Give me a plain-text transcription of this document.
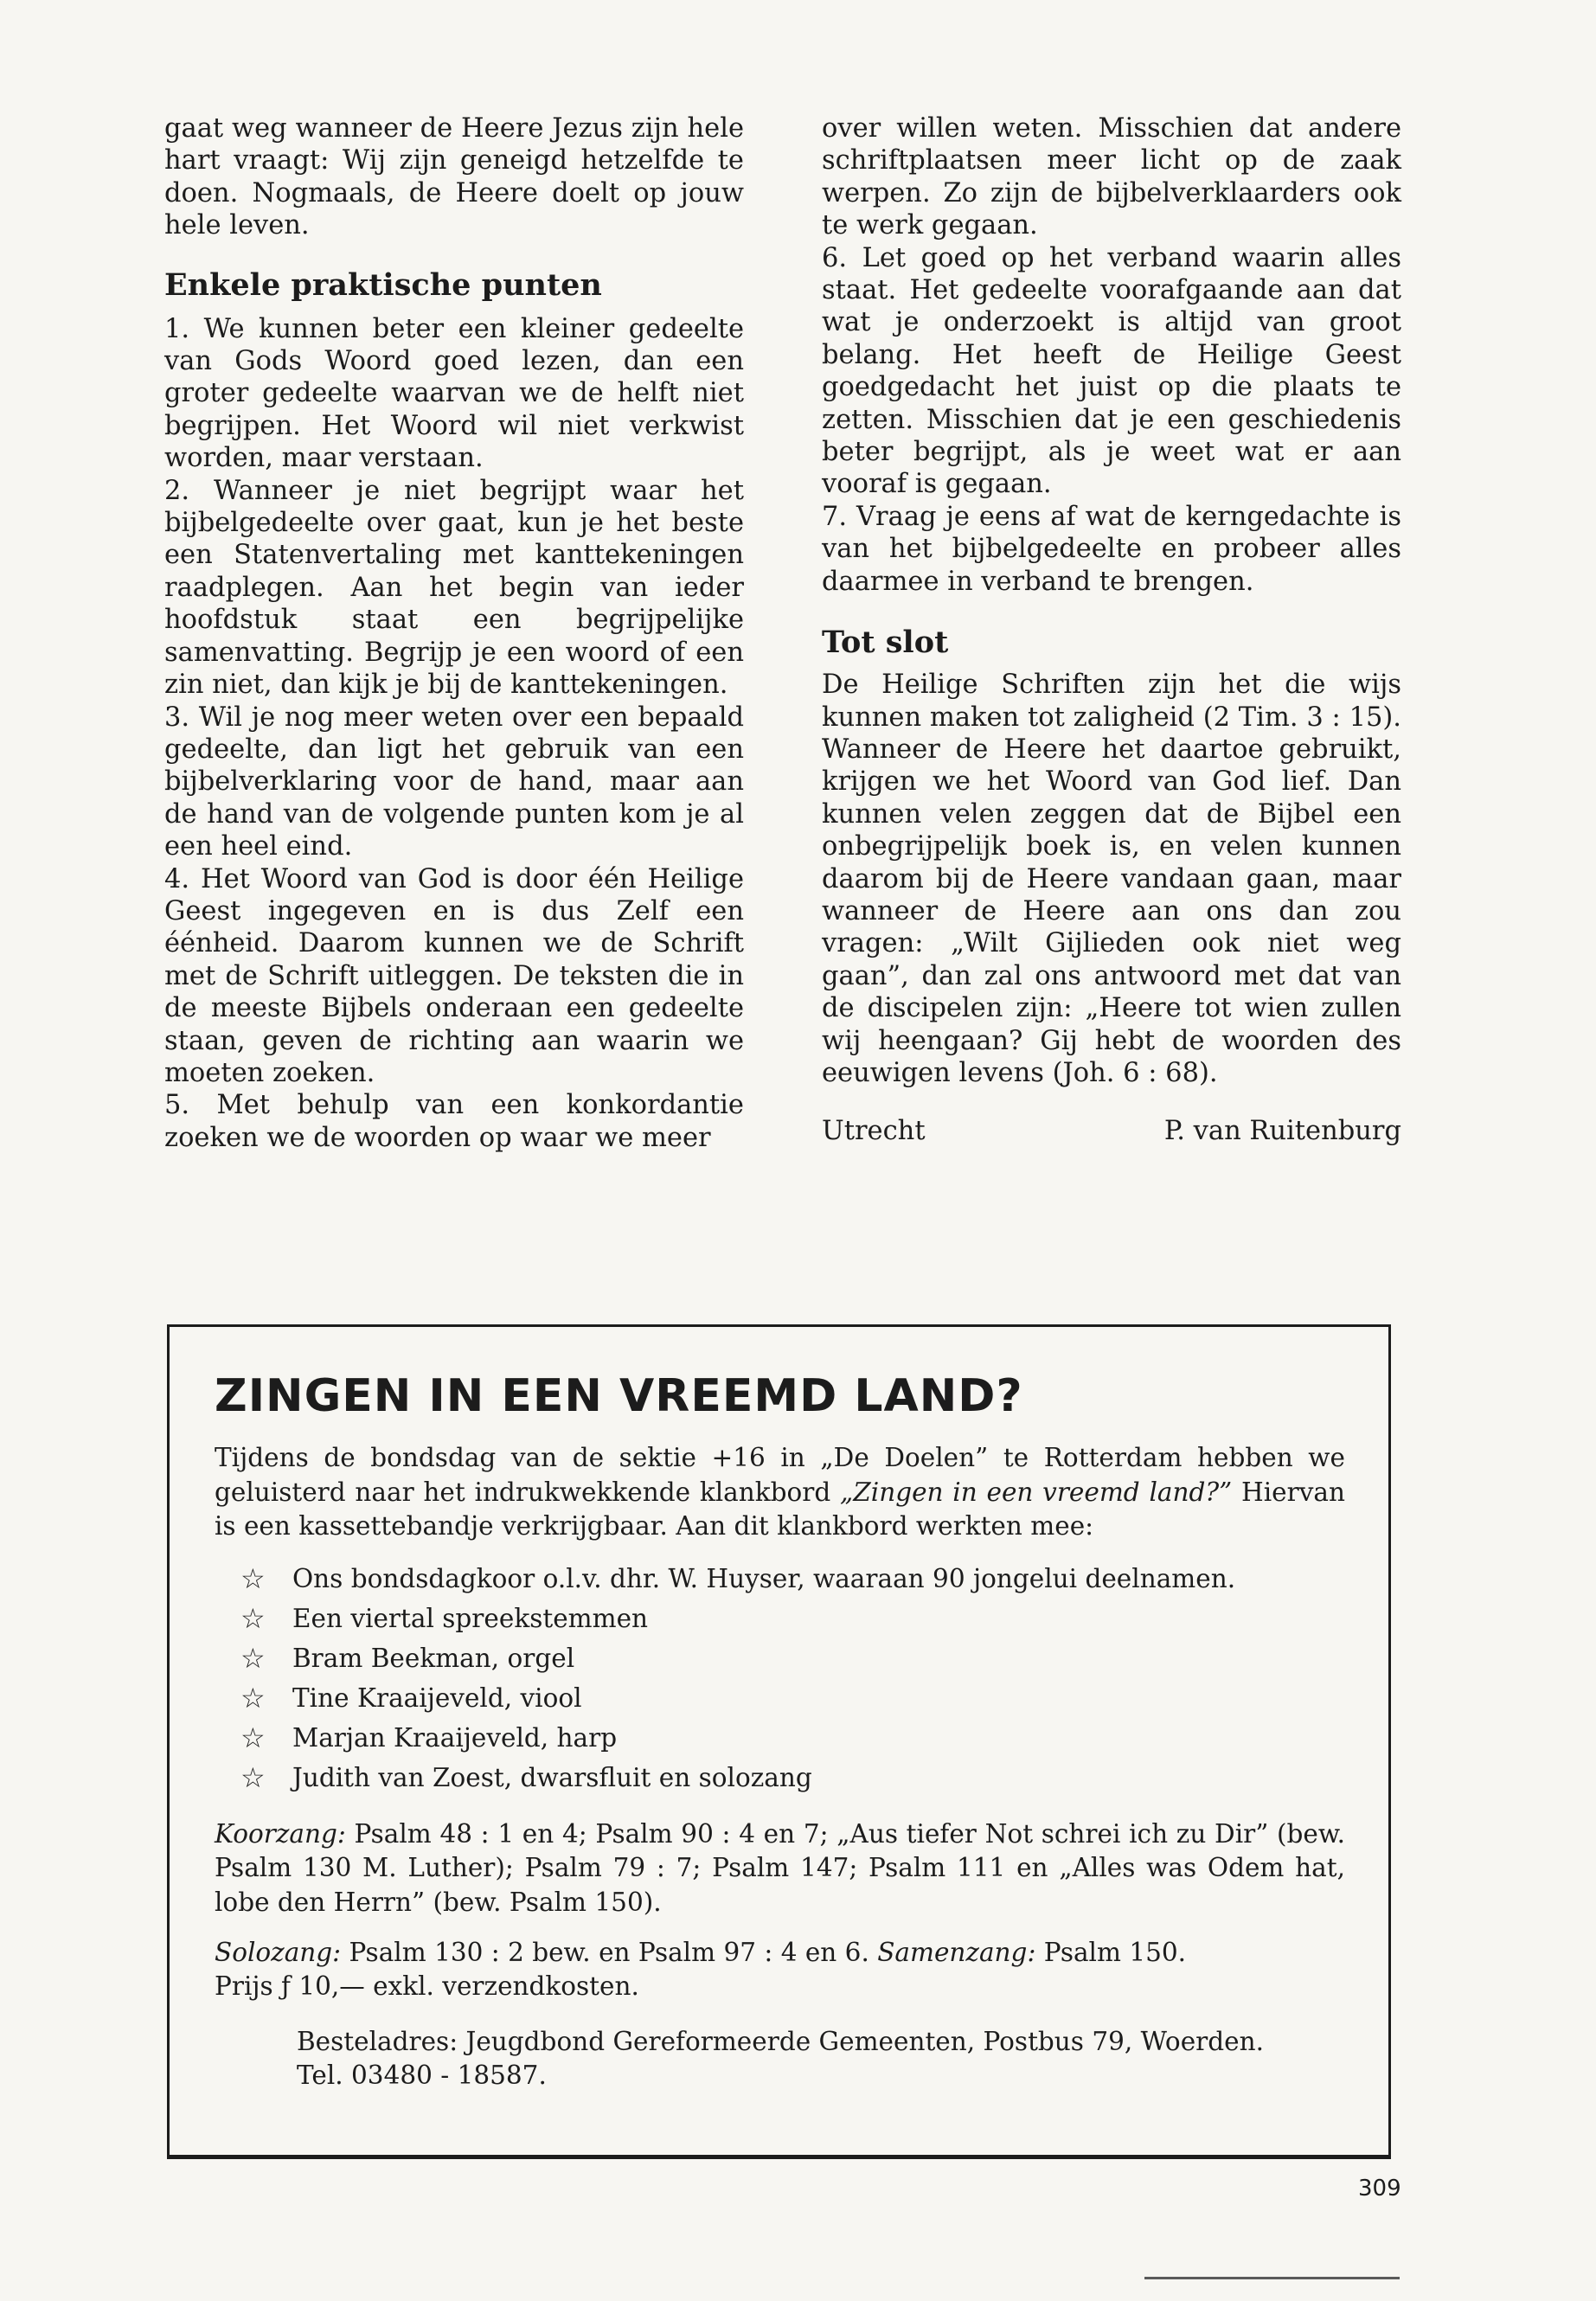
gaat weg wanneer de Heere Jezus zijn hele hart vraagt: Wij zijn geneigd hetzelfde te doen. Nogmaals, de Heere doelt op jouw hele leven.

Enkele praktische punten

1. We kunnen beter een kleiner gedeelte van Gods Woord goed lezen, dan een groter gedeelte waarvan we de helft niet begrijpen. Het Woord wil niet verkwist worden, maar verstaan.

2. Wanneer je niet begrijpt waar het bijbelgedeelte over gaat, kun je het beste een Statenvertaling met kanttekeningen raadplegen. Aan het begin van ieder hoofdstuk staat een begrijpelijke samenvatting. Begrijp je een woord of een zin niet, dan kijk je bij de kanttekeningen.

3. Wil je nog meer weten over een bepaald gedeelte, dan ligt het gebruik van een bijbelverklaring voor de hand, maar aan de hand van de volgende punten kom je al een heel eind.

4. Het Woord van God is door één Heilige Geest ingegeven en is dus Zelf een éénheid. Daarom kunnen we de Schrift met de Schrift uitleggen. De teksten die in de meeste Bijbels onderaan een gedeelte staan, geven de richting aan waarin we moeten zoeken.

5. Met behulp van een konkordantie zoeken we de woorden op waar we meer

over willen weten. Misschien dat andere schriftplaatsen meer licht op de zaak werpen. Zo zijn de bijbelverklaarders ook te werk gegaan.

6. Let goed op het verband waarin alles staat. Het gedeelte voorafgaande aan dat wat je onderzoekt is altijd van groot belang. Het heeft de Heilige Geest goedgedacht het juist op die plaats te zetten. Misschien dat je een geschiedenis beter begrijpt, als je weet wat er aan vooraf is gegaan.

7. Vraag je eens af wat de kerngedachte is van het bijbelgedeelte en probeer alles daarmee in verband te brengen.

Tot slot

De Heilige Schriften zijn het die wijs kunnen maken tot zaligheid (2 Tim. 3 : 15). Wanneer de Heere het daartoe gebruikt, krijgen we het Woord van God lief. Dan kunnen velen zeggen dat de Bijbel een onbegrijpelijk boek is, en velen kunnen daarom bij de Heere vandaan gaan, maar wanneer de Heere aan ons dan zou vragen: „Wilt Gijlieden ook niet weg gaan”, dan zal ons antwoord met dat van de discipelen zijn: „Heere tot wien zullen wij heengaan? Gij hebt de woorden des eeuwigen levens (Joh. 6 : 68).

Utrecht	P. van Ruitenburg
ZINGEN IN EEN VREEMD LAND?

Tijdens de bondsdag van de sektie +16 in „De Doelen” te Rotterdam hebben we geluisterd naar het indrukwekkende klankbord „Zingen in een vreemd land?” Hiervan is een kassettebandje verkrijgbaar. Aan dit klankbord werkten mee:

☆	Ons bondsdagkoor o.l.v. dhr. W. Huyser, waaraan 90 jongelui deelnamen.
☆	Een viertal spreekstemmen
☆	Bram Beekman, orgel
☆	Tine Kraaijeveld, viool
☆	Marjan Kraaijeveld, harp
☆	Judith van Zoest, dwarsfluit en solozang

Koorzang: Psalm 48 : 1 en 4; Psalm 90 : 4 en 7; „Aus tiefer Not schrei ich zu Dir” (bew. Psalm 130 M. Luther); Psalm 79 : 7; Psalm 147; Psalm 111 en „Alles was Odem hat, lobe den Herrn” (bew. Psalm 150).

Solozang: Psalm 130 : 2 bew. en Psalm 97 : 4 en 6. Samenzang: Psalm 150.

Prijs ƒ 10,— exkl. verzendkosten.

Besteladres: Jeugdbond Gereformeerde Gemeenten, Postbus 79, Woerden.

Tel. 03480 - 18587.

309
